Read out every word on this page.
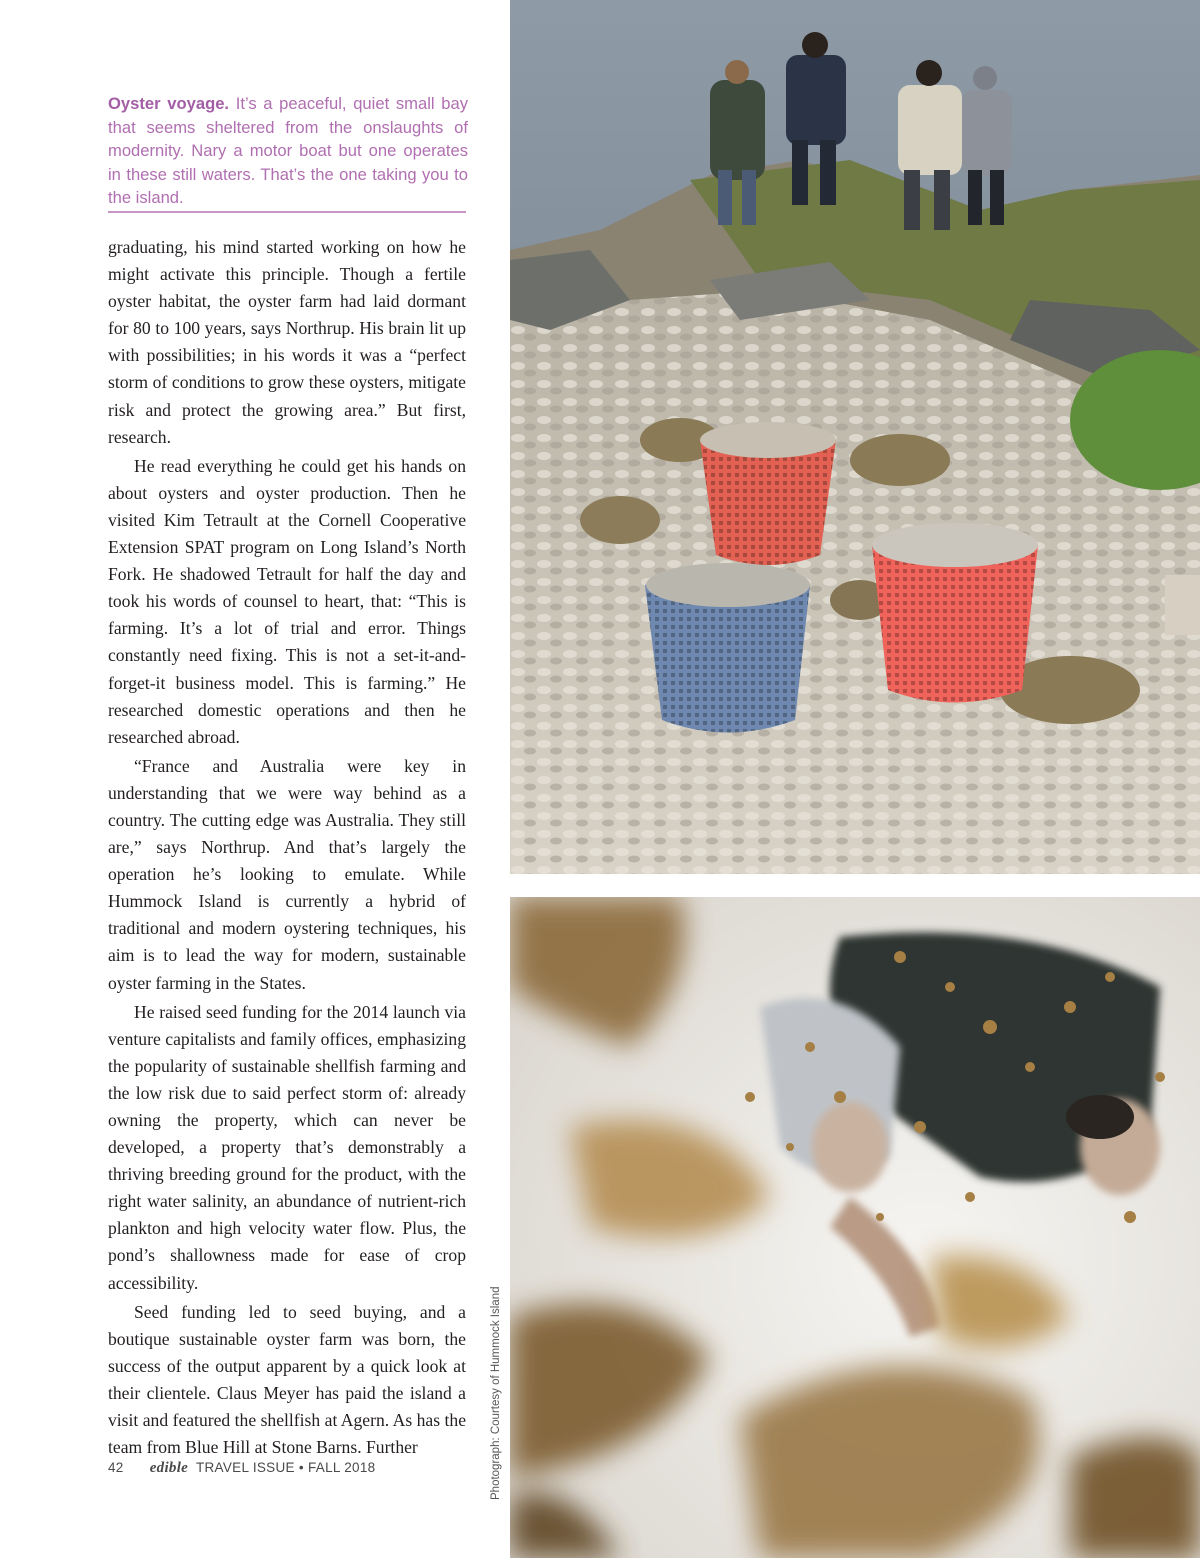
Oyster voyage. It’s a peaceful, quiet small bay that seems sheltered from the onslaughts of modernity. Nary a motor boat but one operates in these still waters. That’s the one taking you to the island.

graduating, his mind started working on how he might activate this principle. Though a fertile oyster habitat, the oyster farm had laid dormant for 80 to 100 years, says Northrup. His brain lit up with possibilities; in his words it was a “perfect storm of conditions to grow these oysters, mitigate risk and protect the growing area.” But first, research.

He read everything he could get his hands on about oysters and oyster production. Then he visited Kim Tetrault at the Cornell Cooperative Extension SPAT program on Long Island’s North Fork. He shadowed Tetrault for half the day and took his words of counsel to heart, that: “This is farming. It’s a lot of trial and error. Things constantly need fixing. This is not a set-it-and-forget-it business model. This is farming.” He researched domestic operations and then he researched abroad.

“France and Australia were key in understanding that we were way behind as a country. The cutting edge was Australia. They still are,” says Northrup. And that’s largely the operation he’s looking to emulate. While Hummock Island is currently a hybrid of traditional and modern oystering techniques, his aim is to lead the way for modern, sustainable oyster farming in the States.

He raised seed funding for the 2014 launch via venture capitalists and family offices, emphasizing the popularity of sustainable shellfish farming and the low risk due to said perfect storm of: already owning the property, which can never be developed, a property that’s demonstrably a thriving breeding ground for the product, with the right water salinity, an abundance of nutrient-rich plankton and high velocity water flow. Plus, the pond’s shallowness made for ease of crop accessibility.

Seed funding led to seed buying, and a boutique sustainable oyster farm was born, the success of the output apparent by a quick look at their clientele. Claus Meyer has paid the island a visit and featured the shellfish at Agern. As has the team from Blue Hill at Stone Barns. Further

42 edible TRAVEL ISSUE • FALL 2018	Photograph: Courtesy of Hummock Island
